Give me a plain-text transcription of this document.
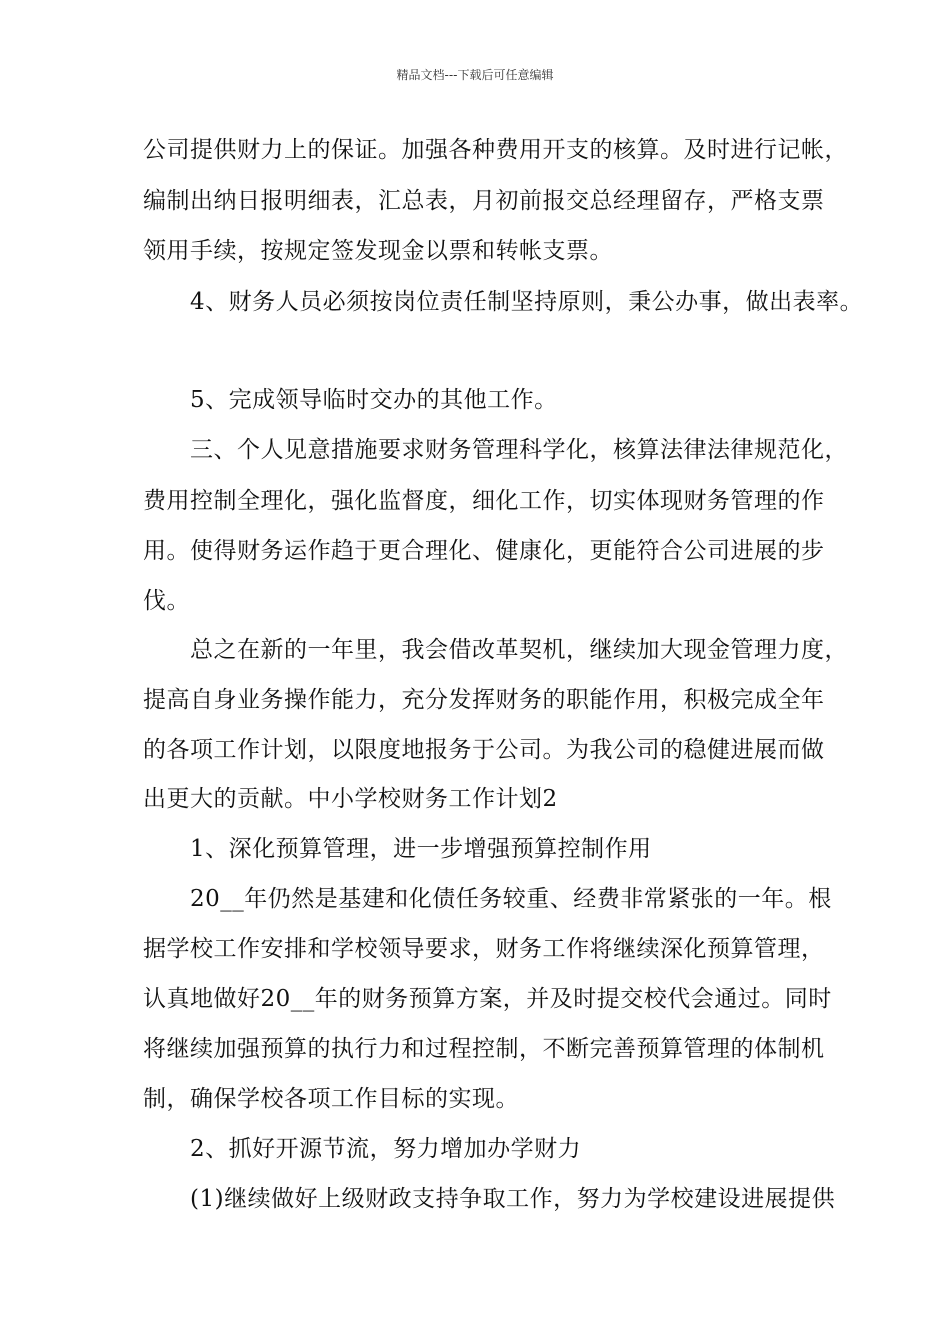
精品文档---下载后可任意编辑
公司提供财力上的保证。加强各种费用开支的核算。及时进行记帐，
编制出纳日报明细表，汇总表，月初前报交总经理留存，严格支票
领用手续，按规定签发现金以票和转帐支票。
4、财务人员必须按岗位责任制坚持原则，秉公办事，做出表率。
5、完成领导临时交办的其他工作。
三、个人见意措施要求财务管理科学化，核算法律法律规范化，
费用控制全理化，强化监督度，细化工作，切实体现财务管理的作
用。使得财务运作趋于更合理化、健康化，更能符合公司进展的步
伐。
总之在新的一年里，我会借改革契机，继续加大现金管理力度，
提高自身业务操作能力，充分发挥财务的职能作用，积极完成全年
的各项工作计划，以限度地报务于公司。为我公司的稳健进展而做
出更大的贡献。中小学校财务工作计划2
1、深化预算管理，进一步增强预算控制作用
20__年仍然是基建和化债任务较重、经费非常紧张的一年。根
据学校工作安排和学校领导要求，财务工作将继续深化预算管理，
认真地做好20__年的财务预算方案，并及时提交校代会通过。同时
将继续加强预算的执行力和过程控制，不断完善预算管理的体制机
制，确保学校各项工作目标的实现。
2、抓好开源节流，努力增加办学财力
(1)继续做好上级财政支持争取工作，努力为学校建设进展提供
